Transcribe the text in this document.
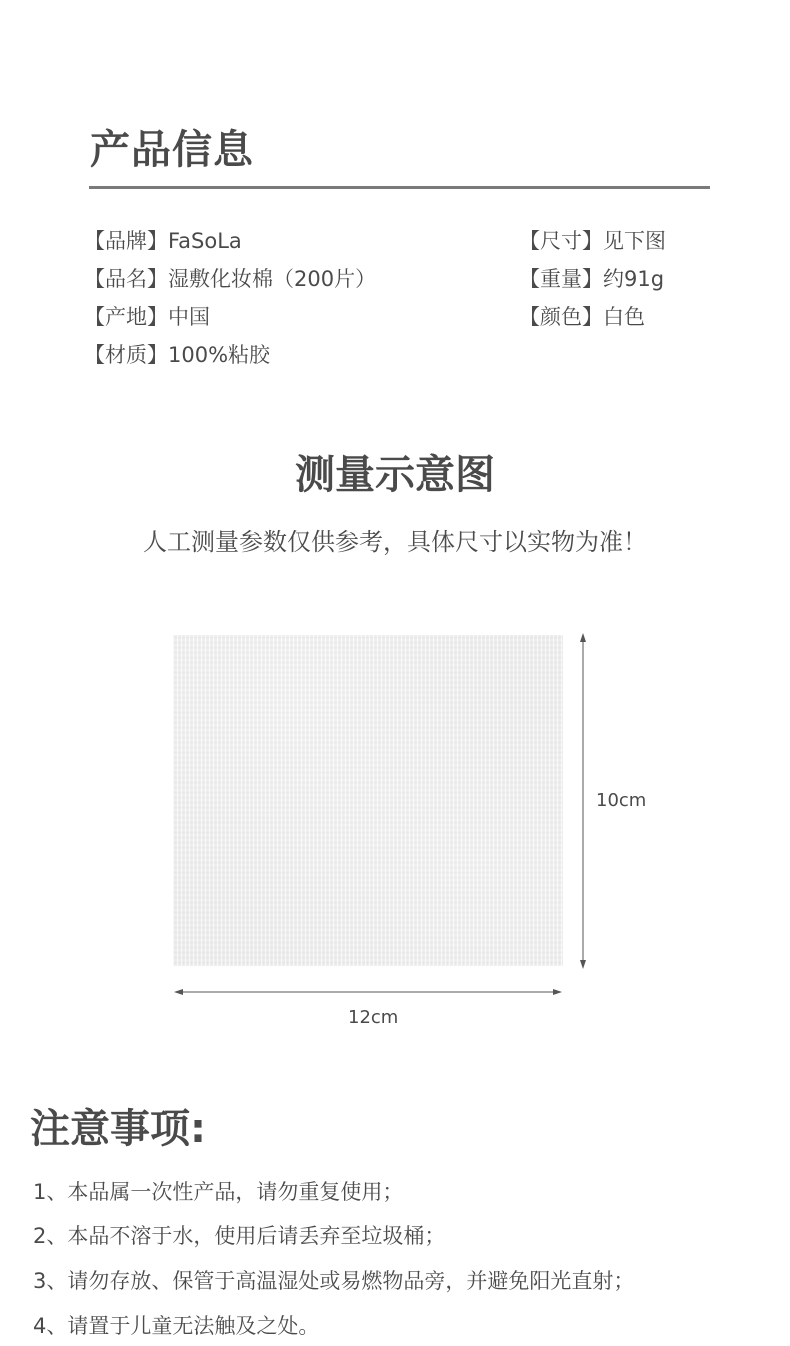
产品信息
【 品牌 】 FaSoLa
【 品名 】 湿敷化妆棉（200片）
【 产地 】 中国
【 材质 】 100%粘胶
【 尺寸 】 见下图
【 重量 】 约91g
【 颜色 】 白色
测量示意图
人工测量参数仅供参考，具体尺寸以实物为准！
10cm
12cm
注意事项:
1、本品属一次性产品，请勿重复使用；
2、本品不溶于水，使用后请丢弃至垃圾桶；
3、请勿存放、保管于高温湿处或易燃物品旁，并避免阳光直射；
4、请置于儿童无法触及之处。
